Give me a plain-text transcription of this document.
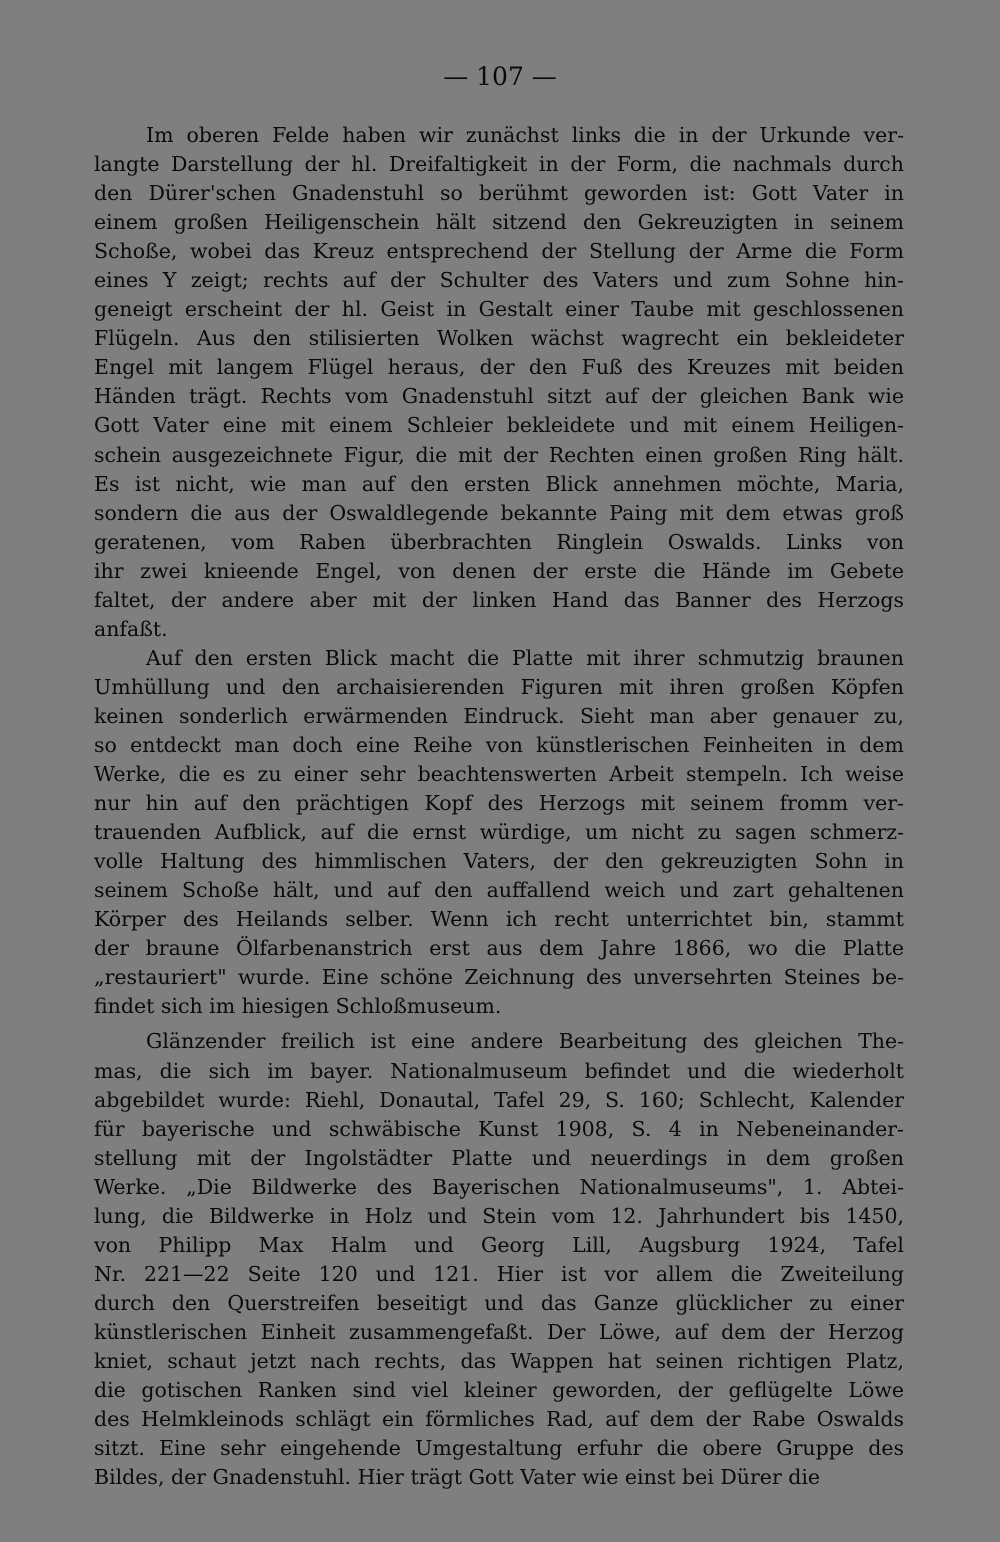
— 107 —
Im oberen Felde haben wir zunächst links die in der Urkunde ver-
langte Darstellung der hl. Dreifaltigkeit in der Form, die nachmals durch
den Dürer'schen Gnadenstuhl so berühmt geworden ist: Gott Vater in
einem großen Heiligenschein hält sitzend den Gekreuzigten in seinem
Schoße, wobei das Kreuz entsprechend der Stellung der Arme die Form
eines Y zeigt; rechts auf der Schulter des Vaters und zum Sohne hin-
geneigt erscheint der hl. Geist in Gestalt einer Taube mit geschlossenen
Flügeln. Aus den stilisierten Wolken wächst wagrecht ein bekleideter
Engel mit langem Flügel heraus, der den Fuß des Kreuzes mit beiden
Händen trägt. Rechts vom Gnadenstuhl sitzt auf der gleichen Bank wie
Gott Vater eine mit einem Schleier bekleidete und mit einem Heiligen-
schein ausgezeichnete Figur, die mit der Rechten einen großen Ring hält.
Es ist nicht, wie man auf den ersten Blick annehmen möchte, Maria,
sondern die aus der Oswaldlegende bekannte Paing mit dem etwas groß
geratenen, vom Raben überbrachten Ringlein Oswalds. Links von
ihr zwei knieende Engel, von denen der erste die Hände im Gebete
faltet, der andere aber mit der linken Hand das Banner des Herzogs
anfaßt.
Auf den ersten Blick macht die Platte mit ihrer schmutzig braunen
Umhüllung und den archaisierenden Figuren mit ihren großen Köpfen
keinen sonderlich erwärmenden Eindruck. Sieht man aber genauer zu,
so entdeckt man doch eine Reihe von künstlerischen Feinheiten in dem
Werke, die es zu einer sehr beachtenswerten Arbeit stempeln. Ich weise
nur hin auf den prächtigen Kopf des Herzogs mit seinem fromm ver-
trauenden Aufblick, auf die ernst würdige, um nicht zu sagen schmerz-
volle Haltung des himmlischen Vaters, der den gekreuzigten Sohn in
seinem Schoße hält, und auf den auffallend weich und zart gehaltenen
Körper des Heilands selber. Wenn ich recht unterrichtet bin, stammt
der braune Ölfarbenanstrich erst aus dem Jahre 1866, wo die Platte
„restauriert" wurde. Eine schöne Zeichnung des unversehrten Steines be-
findet sich im hiesigen Schloßmuseum.
Glänzender freilich ist eine andere Bearbeitung des gleichen The-
mas, die sich im bayer. Nationalmuseum befindet und die wiederholt
abgebildet wurde: Riehl, Donautal, Tafel 29, S. 160; Schlecht, Kalender
für bayerische und schwäbische Kunst 1908, S. 4 in Nebeneinander-
stellung mit der Ingolstädter Platte und neuerdings in dem großen
Werke. „Die Bildwerke des Bayerischen Nationalmuseums", 1. Abtei-
lung, die Bildwerke in Holz und Stein vom 12. Jahrhundert bis 1450,
von Philipp Max Halm und Georg Lill, Augsburg 1924, Tafel
Nr. 221—22 Seite 120 und 121. Hier ist vor allem die Zweiteilung
durch den Querstreifen beseitigt und das Ganze glücklicher zu einer
künstlerischen Einheit zusammengefaßt. Der Löwe, auf dem der Herzog
kniet, schaut jetzt nach rechts, das Wappen hat seinen richtigen Platz,
die gotischen Ranken sind viel kleiner geworden, der geflügelte Löwe
des Helmkleinods schlägt ein förmliches Rad, auf dem der Rabe Oswalds
sitzt. Eine sehr eingehende Umgestaltung erfuhr die obere Gruppe des
Bildes, der Gnadenstuhl. Hier trägt Gott Vater wie einst bei Dürer die
